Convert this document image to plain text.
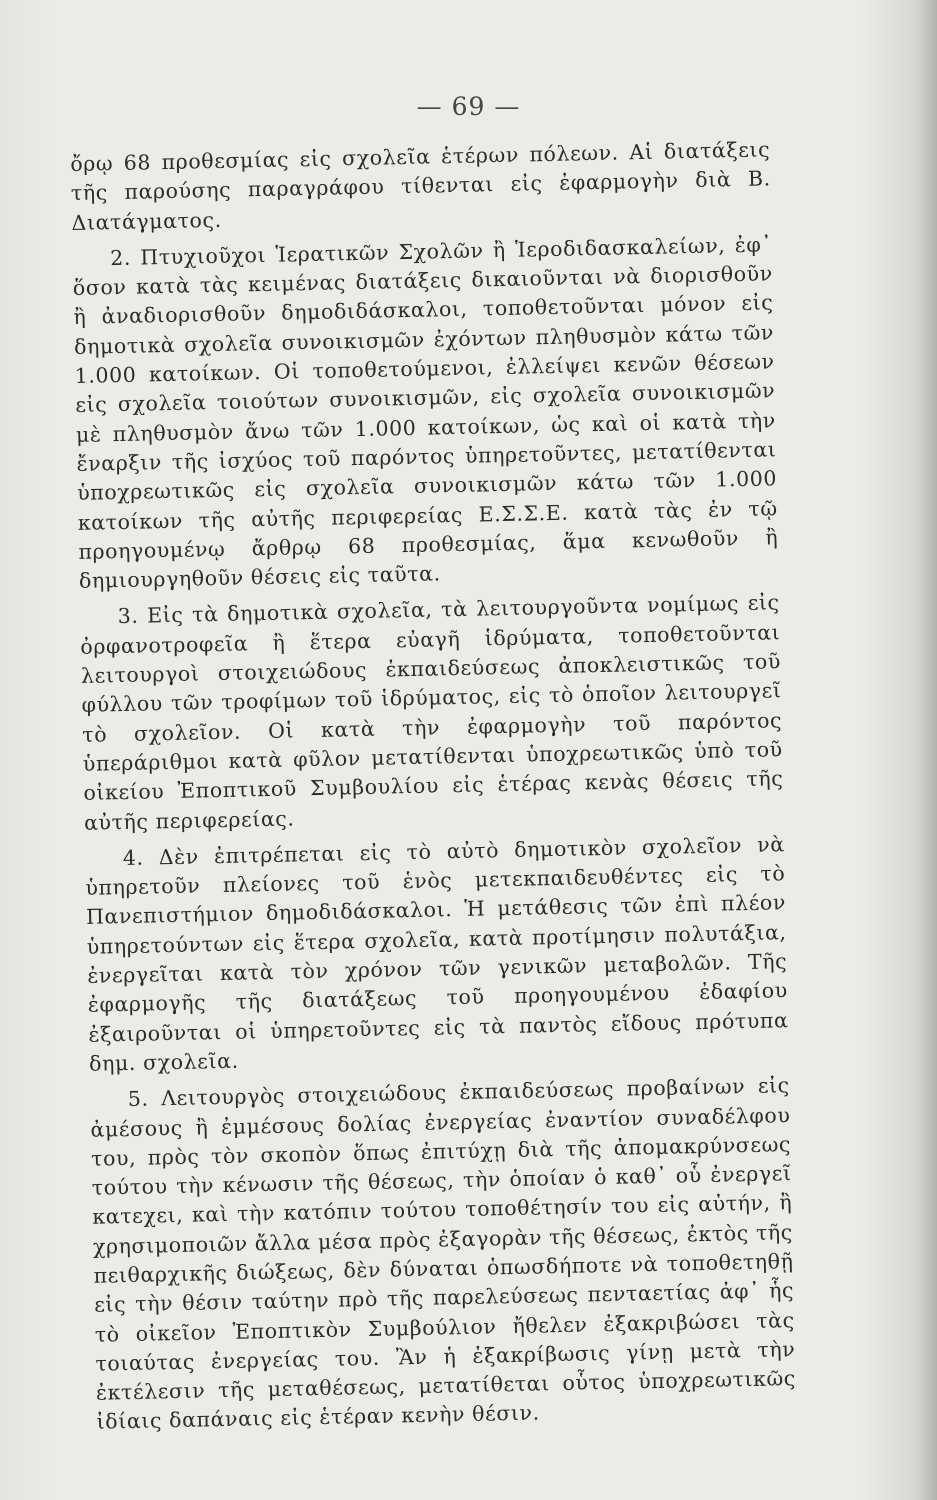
— 69 —

ὄρῳ 68 προθεσμίας εἰς σχολεῖα ἑτέρων πόλεων. Αἱ διατάξεις τῆς παρούσης παραγράφου τίθενται εἰς ἐφαρμογὴν διὰ Β. Διατάγματος.

2. Πτυχιοῦχοι Ἱερατικῶν Σχολῶν ἢ Ἱεροδιδασκαλείων, ἐφ᾽ ὅσον κατὰ τὰς κειμένας διατάξεις δικαιοῦνται νὰ διορισθοῦν ἢ ἀναδιορισθοῦν δημοδιδάσκαλοι, τοποθετοῦνται μόνον εἰς δημοτικὰ σχολεῖα συνοικισμῶν ἐχόντων πληθυσμὸν κάτω τῶν 1.000 κατοίκων. Οἱ τοποθετούμενοι, ἐλλείψει κενῶν θέσεων εἰς σχολεῖα τοιούτων συνοικισμῶν, εἰς σχολεῖα συνοικισμῶν μὲ πληθυσμὸν ἄνω τῶν 1.000 κατοίκων, ὡς καὶ οἱ κατὰ τὴν ἔναρξιν τῆς ἰσχύος τοῦ παρόντος ὑπηρετοῦντες, μετατίθενται ὑποχρεωτικῶς εἰς σχολεῖα συνοικισμῶν κάτω τῶν 1.000 κατοίκων τῆς αὐτῆς περιφερείας Ε.Σ.Σ.Ε. κατὰ τὰς ἐν τῷ προηγουμένῳ ἄρθρῳ 68 προθεσμίας, ἅμα κενωθοῦν ἢ δημιουργηθοῦν θέσεις εἰς ταῦτα.

3. Εἰς τὰ δημοτικὰ σχολεῖα, τὰ λειτουργοῦντα νομίμως εἰς ὀρφανοτροφεῖα ἢ ἕτερα εὐαγῆ ἱδρύματα, τοποθετοῦνται λειτουργοὶ στοιχειώδους ἐκπαιδεύσεως ἀποκλειστικῶς τοῦ φύλλου τῶν τροφίμων τοῦ ἱδρύματος, εἰς τὸ ὁποῖον λειτουργεῖ τὸ σχολεῖον. Οἱ κατὰ τὴν ἐφαρμογὴν τοῦ παρόντος ὑπεράριθμοι κατὰ φῦλον μετατίθενται ὑποχρεωτικῶς ὑπὸ τοῦ οἰκείου Ἐποπτικοῦ Συμβουλίου εἰς ἑτέρας κενὰς θέσεις τῆς αὐτῆς περιφερείας.

4. Δὲν ἐπιτρέπεται εἰς τὸ αὐτὸ δημοτικὸν σχολεῖον νὰ ὑπηρετοῦν πλείονες τοῦ ἑνὸς μετεκπαιδευθέντες εἰς τὸ Πανεπιστήμιον δημοδιδάσκαλοι. Ἡ μετάθεσις τῶν ἐπὶ πλέον ὑπηρετούντων εἰς ἕτερα σχολεῖα, κατὰ προτίμησιν πολυτάξια, ἐνεργεῖται κατὰ τὸν χρόνον τῶν γενικῶν μεταβολῶν. Τῆς ἐφαρμογῆς τῆς διατάξεως τοῦ προηγουμένου ἐδαφίου ἐξαιροῦνται οἱ ὑπηρετοῦντες εἰς τὰ παντὸς εἴδους πρότυπα δημ. σχολεῖα.

5. Λειτουργὸς στοιχειώδους ἐκπαιδεύσεως προβαίνων εἰς ἀμέσους ἢ ἐμμέσους δολίας ἐνεργείας ἐναντίον συναδέλφου του, πρὸς τὸν σκοπὸν ὅπως ἐπιτύχῃ διὰ τῆς ἀπομακρύνσεως τούτου τὴν κένωσιν τῆς θέσεως, τὴν ὁποίαν ὁ καθ᾽ οὗ ἐνεργεῖ κατεχει, καὶ τὴν κατόπιν τούτου τοποθέτησίν του εἰς αὐτήν, ἢ χρησιμοποιῶν ἄλλα μέσα πρὸς ἐξαγορὰν τῆς θέσεως, ἐκτὸς τῆς πειθαρχικῆς διώξεως, δὲν δύναται ὁπωσδήποτε νὰ τοποθετηθῇ εἰς τὴν θέσιν ταύτην πρὸ τῆς παρελεύσεως πενταετίας ἀφ᾽ ἧς τὸ οἰκεῖον Ἐποπτικὸν Συμβούλιον ἤθελεν ἐξακριβώσει τὰς τοιαύτας ἐνεργείας του. Ἂν ἡ ἐξακρίβωσις γίνῃ μετὰ τὴν ἐκτέλεσιν τῆς μεταθέσεως, μετατίθεται οὗτος ὑποχρεωτικῶς ἰδίαις δαπάναις εἰς ἑτέραν κενὴν θέσιν.
